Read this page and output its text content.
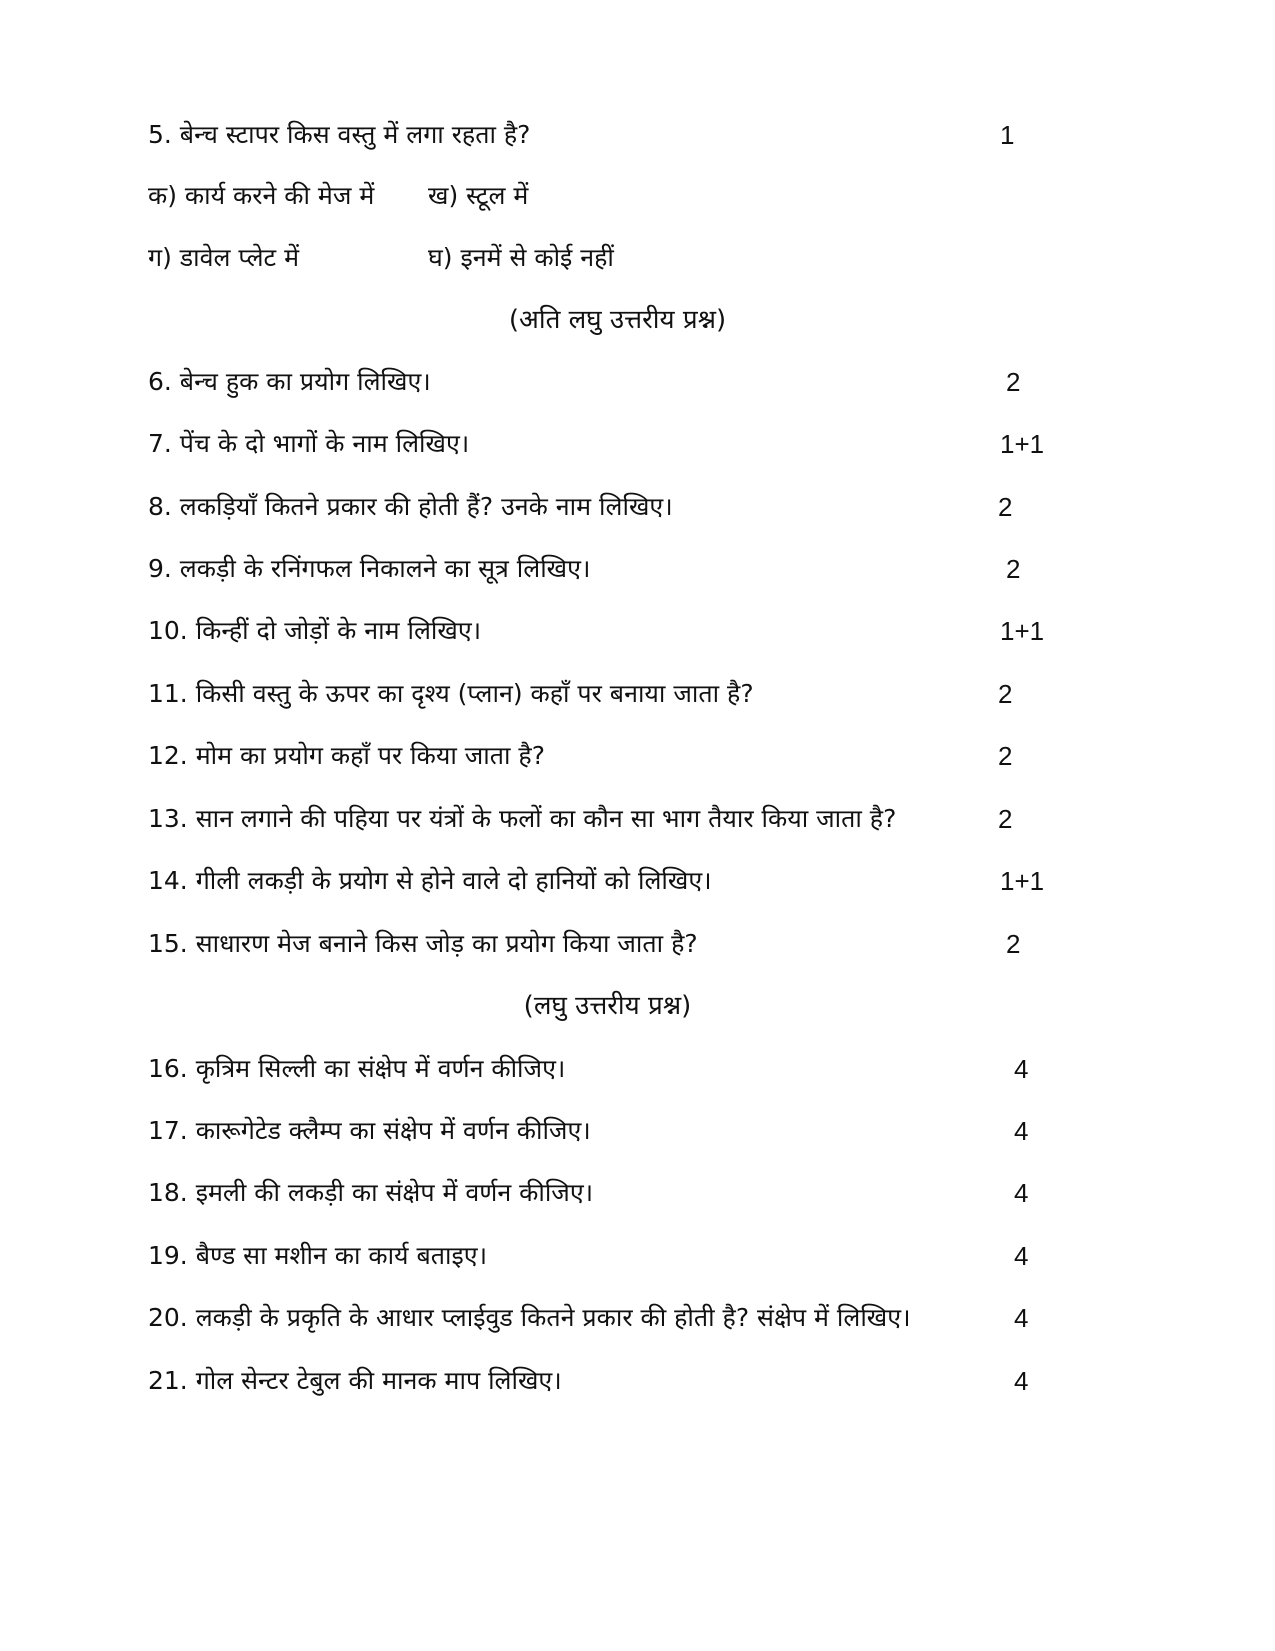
5. बेन्च स्टापर किस वस्तु में लगा रहता है?	1
क) कार्य करने की मेज में ख) स्टूल में
ग) डावेल प्लेट में	घ) इनमें से कोई नहीं
(अति लघु उत्तरीय प्रश्न)
6. बेन्च हुक का प्रयोग लिखिए।	2
7. पेंच के दो भागों के नाम लिखिए।	1+1
8. लकड़ियाँ कितने प्रकार की होती हैं? उनके नाम लिखिए।	2
9. लकड़ी के रनिंगफल निकालने का सूत्र लिखिए।	2
10. किन्हीं दो जोड़ों के नाम लिखिए।	1+1
11. किसी वस्तु के ऊपर का दृश्य (प्लान) कहाँ पर बनाया जाता है?	2
12. मोम का प्रयोग कहाँ पर किया जाता है?	2
13. सान लगाने की पहिया पर यंत्रों के फलों का कौन सा भाग तैयार किया जाता है?	2
14. गीली लकड़ी के प्रयोग से होने वाले दो हानियों को लिखिए।	1+1
15. साधारण मेज बनाने किस जोड़ का प्रयोग किया जाता है?	2
(लघु उत्तरीय प्रश्न)
16. कृत्रिम सिल्ली का संक्षेप में वर्णन कीजिए।	4
17. कारूगेटेड क्लैम्प का संक्षेप में वर्णन कीजिए।	4
18. इमली की लकड़ी का संक्षेप में वर्णन कीजिए।	4
19. बैण्ड सा मशीन का कार्य बताइए।	4
20. लकड़ी के प्रकृति के आधार प्लाईवुड कितने प्रकार की होती है? संक्षेप में लिखिए।	4
21. गोल सेन्टर टेबुल की मानक माप लिखिए।	4
